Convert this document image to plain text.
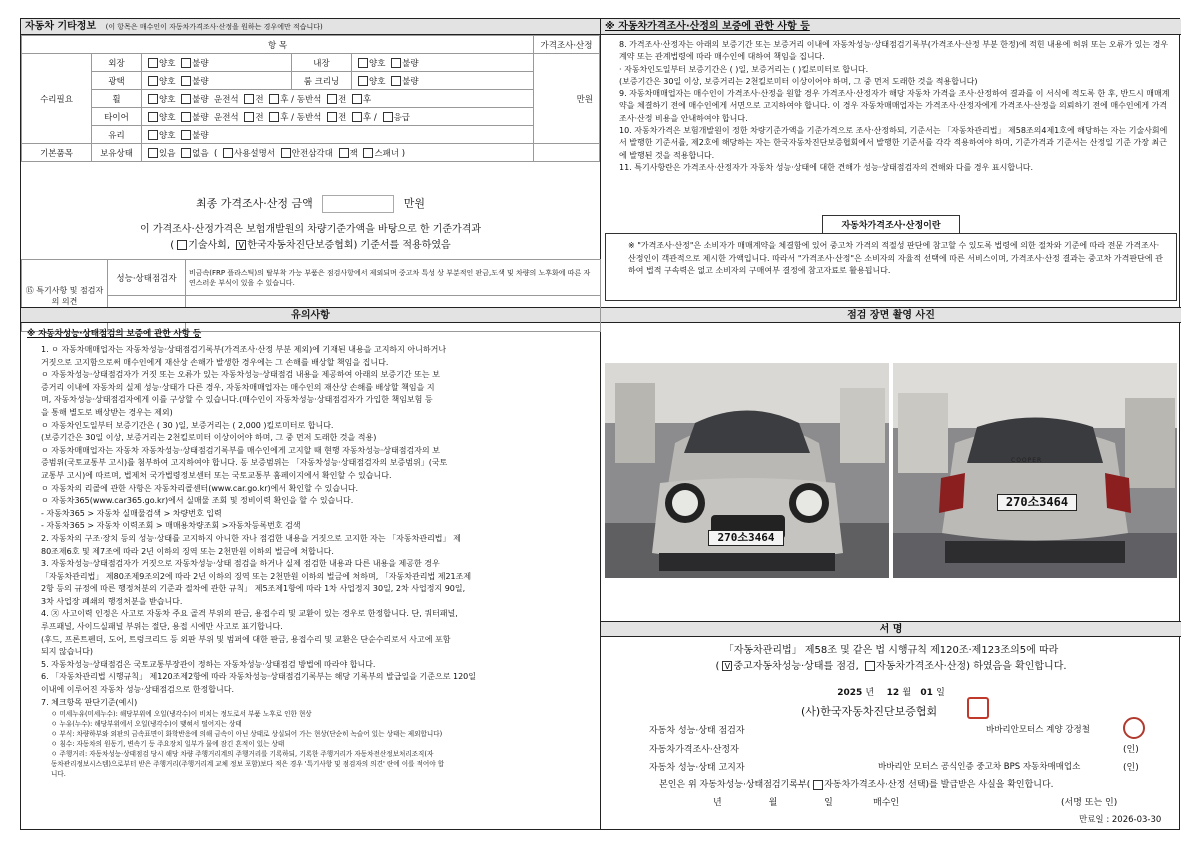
자동차 기타정보 (이 항목은 매수인이 자동차가격조사·산정을 원하는 경우에만 적습니다)
항 목					가격조사·산정
수리필요	외장	양호 불량	내장	양호 불량	만원
	광택	양호 불량	룸 크리닝	양호 불량	
	휠	양호 불량 운전석 전 후 / 동반석 전 후			
	타이어	양호 불량 운전석 전 후 / 동반석 전 후 / 응급			
	유리	양호 불량			
기본품목	보유상태	있음 없음  ( 사용설명서 안전삼각대 잭 스패너 )			
최종 가격조사·산정 금액	만원
이 가격조사·산정가격은 보험개발원의 차량기준가액을 바탕으로 한 기준가격과
( 기술사회, V 한국자동차진단보증협회) 기준서를 적용하였음
⑮ 특기사항 및 점검자의 의견	성능·상태점검자	비금속(FRP 플라스틱)의 탈부착 가능 부품은 점검사항에서 제외되며 중고차 특성 상 부분적인 판금,도색 및 차량의 노후화에 따른 자연스러운 부식이 있을 수 있습니다.

유의사항
※ 자동차성능·상태점검의 보증에 관한 사항 등
1. ㅇ 자동차매매업자는 자동차성능·상태점검기록부(가격조사·산정 부분 제외)에 기재된 내용을 고지하지 아니하거나
거짓으로 고지함으로써 매수인에게 재산상 손해가 발생한 경우에는 그 손해를 배상할 책임을 집니다.
ㅇ 자동차성능·상태점검자가 거짓 또는 오류가 있는 자동차성능·상태점검 내용을 제공하여 아래의 보증기간 또는 보
증거리 이내에 자동차의 실제 성능·상태가 다른 경우, 자동차매매업자는 매수인의 재산상 손해를 배상할 책임을 지
며, 자동차성능·상태점검자에게 이를 구상할 수 있습니다.(매수인이 자동차성능·상태점검자가 가입한 책임보험 등
을 통해 별도로 배상받는 경우는 제외)
ㅇ 자동차인도일부터 보증기간은 ( 30 )일, 보증거리는 ( 2,000 )킬로미터로 합니다.
(보증기간은 30일 이상, 보증거리는 2천킬로미터 이상이어야 하며, 그 중 먼저 도래한 것을 적용)
ㅇ 자동차매매업자는 자동차 자동차성능·상태점검기록부를 매수인에게 고지할 때 현행 자동차성능·상태점검자의 보
증범위(국토교통부 고시)를 첨부하여 고지하여야 합니다. 동 보증범위는 「자동차성능·상태점검자의 보증범위」(국토
교통부 고시)에 따르며, 법제처 국가법령정보센터 또는 국토교통부 홈페이지에서 확인할 수 있습니다.
ㅇ 자동차의 리콜에 관한 사항은 자동차리콜센터(www.car.go.kr)에서 확인할 수 있습니다.
ㅇ 자동차365(www.car365.go.kr)에서 실매물 조회 및 정비이력 확인을 할 수 있습니다.
- 자동차365 > 자동차 실매물검색 > 차량번호 입력
- 자동차365 > 자동차 이력조회 > 매매용차량조회 >자동차등록번호 검색
2. 자동차의 구조·장치 등의 성능·상태를 고지하지 아니한 자나 점검한 내용을 거짓으로 고지한 자는 「자동차관리법」 제
80조제6호 및 제7조에 따라 2년 이하의 징역 또는 2천만원 이하의 벌금에 처합니다.
3. 자동차성능·상태점검자가 거짓으로 자동차성능·상태 점검을 하거나 실제 점검한 내용과 다른 내용을 제공한 경우
「자동차관리법」 제80조제9조의2에 따라 2년 이하의 징역 또는 2천만원 이하의 벌금에 처하며, 「자동차관리법 제21조제
2항 등의 규정에 따른 행정처분의 기준과 절차에 관한 규칙」 제5조제1항에 따라 1차 사업정지 30일, 2차 사업정지 90일,
3차 사업장 폐쇄의 행정처분을 받습니다.
4. ㉨ 사고이력 인정은 사고로 자동차 주요 골격 부위의 판금, 용접수리 및 교환이 있는 경우로 한정합니다. 단, 쿼터패널,
루프패널, 사이드실패널 부위는 절단, 용접 시에만 사고로 표기합니다.
(후드, 프론트펜더, 도어, 트렁크리드 등 외판 부위 및 범퍼에 대한 판금, 용접수리 및 교환은 단순수리로서 사고에 포함
되지 않습니다)
5. 자동차성능·상태점검은 국토교통부장관이 정하는 자동차성능·상태점검 방법에 따라야 합니다.
6. 「자동차관리법 시행규칙」 제120조제2항에 따라 자동차성능·상태점검기록부는 해당 기록부의 발급일을 기준으로 120일
이내에 이루어진 자동차 성능·상태점검으로 한정합니다.
7. 체크항목 판단기준(예시)
ㅇ 미세누유(미세누수): 해당부위에 오일(냉각수)이 비치는 정도로서 부품 노후로 인한 현상
ㅇ 누유(누수): 해당부위에서 오일(냉각수)이 맺혀서 떨어지는 상태
ㅇ 부식: 차량하부와 외판의 금속표면이 화학반응에 의해 금속이 아닌 상태로 상실되어 가는 현상(단순히 녹슬어 있는 상태는 제외합니다)
ㅇ 침수: 자동차의 원동기, 변속기 등 주요장치 일부가 물에 잠긴 흔적이 있는 상태
ㅇ 주행거리: 자동차성능·상태점검 당시 해당 차량 주행거리계의 주행거리를 기록하되, 기록한 주행거리가 자동차전산정보처리조직(자
동차관리정보시스템)으로부터 받은 주행거리(주행거리계 교체 정보 포함)보다 적은 경우 '특기사항 및 점검자의 의견' 란에 이를 적어야 합
니다.
※ 자동차가격조사·산정의 보증에 관한 사항 등
8. 가격조사·산정자는 아래의 보증기간 또는 보증거리 이내에 자동차성능·상태점검기록부(가격조사·산정 부분 한정)에 적힌 내용에 허위 또는 오류가 있는 경우 계약 또는 관계법령에 따라 매수인에 대하여 책임을 집니다.
· 자동차인도일부터 보증기간은 ( )일, 보증거리는 ( )킬로미터로 합니다.
(보증기간은 30일 이상, 보증거리는 2천킬로미터 이상이어야 하며, 그 중 먼저 도래한 것을 적용합니다)
9. 자동차매매업자는 매수인이 가격조사·산정을 원할 경우 가격조사·산정자가 해당 자동차 가격을 조사·산정하여 결과를 이 서식에 적도록 한 후, 반드시 매매계약을 체결하기 전에 매수인에게 서면으로 고지하여야 합니다. 이 경우 자동차매매업자는 가격조사·산정자에게 가격조사·산정을 의뢰하기 전에 매수인에게 가격조사·산정 비용을 안내하여야 합니다.
10. 자동차가격은 보험개발원이 정한 차량기준가액을 기준가격으로 조사·산정하되, 기준서는 「자동차관리법」 제58조의4제1호에 해당하는 자는 기술사회에서 발행한 기준서를, 제2호에 해당하는 자는 한국자동차진단보증협회에서 발행한 기준서를 각각 적용하여야 하며, 기준가격과 기준서는 산정일 기준 가장 최근에 발행된 것을 적용합니다.
11. 특기사항란은 가격조사·산정자가 자동차 성능·상태에 대한 견해가 성능·상태점검자의 견해와 다를 경우 표시합니다.
자동차가격조사·산정이란
※ "가격조사·산정"은 소비자가 매매계약을 체결함에 있어 중고차 가격의 적절성 판단에 참고할 수 있도록 법령에 의한 절차와 기준에 따라 전문 가격조사·산정인이 객관적으로 제시한 가액입니다. 따라서 "가격조사·산정"은 소비자의 자율적 선택에 따른 서비스이며, 가격조사·산정 결과는 중고차 가격판단에 관하여 법적 구속력은 없고 소비자의 구매여부 결정에 참고자료로 활용됩니다.
점검 장면 촬영 사진
270소3464
COOPER
270소3464
서 명
「자동차관리법」 제58조 및 같은 법 시행규칙 제120조·제123조의5에 따라
( V 중고자동차성능·상태를 점검, 자동차가격조사·산정) 하였음을 확인합니다.
2025 년 12 월 01 일
(사)한국자동차진단보증협회
자동차 성능·상태 점검자	바바리안모터스 계양 강정철
자동차가격조사·산정자	(인)
자동차 성능·상태 고지자	바바리안 모터스 공식인증 중고차 BPS 자동차매매업소	(인)
본인은 위 자동차성능·상태점검기록부( 자동차가격조사·산정 선택)를 발급받은 사실을 확인합니다.
년	월	일	매수인	(서명 또는 인)
만료일 : 2026-03-30
